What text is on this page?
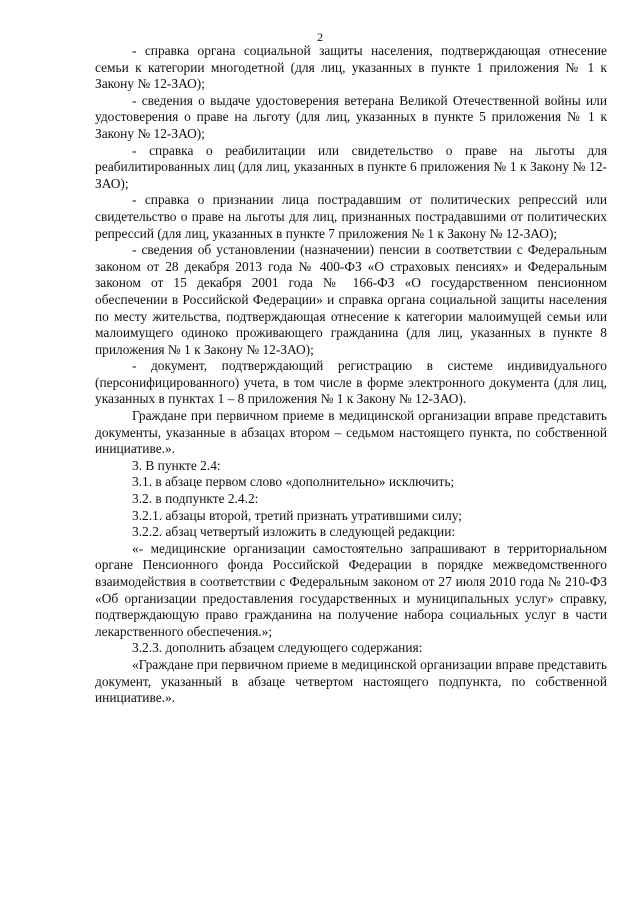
2

- справка органа социальной защиты населения, подтверждающая отнесение семьи к категории многодетной (для лиц, указанных в пункте 1 приложения № 1 к Закону № 12-ЗАО);

- сведения о выдаче удостоверения ветерана Великой Отечественной войны или удостоверения о праве на льготу (для лиц, указанных в пункте 5 приложения № 1 к Закону № 12-ЗАО);

- справка о реабилитации или свидетельство о праве на льготы для реабилитированных лиц (для лиц, указанных в пункте 6 приложения № 1 к Закону № 12-ЗАО);

- справка о признании лица пострадавшим от политических репрессий или свидетельство о праве на льготы для лиц, признанных пострадавшими от политических репрессий (для лиц, указанных в пункте 7 приложения № 1 к Закону № 12-ЗАО);

- сведения об установлении (назначении) пенсии в соответствии с Федеральным законом от 28 декабря 2013 года № 400-ФЗ «О страховых пенсиях» и Федеральным законом от 15 декабря 2001 года № 166-ФЗ «О государственном пенсионном обеспечении в Российской Федерации» и справка органа социальной защиты населения по месту жительства, подтверждающая отнесение к категории малоимущей семьи или малоимущего одиноко проживающего гражданина (для лиц, указанных в пункте 8 приложения № 1 к Закону № 12-ЗАО);

- документ, подтверждающий регистрацию в системе индивидуального (персонифицированного) учета, в том числе в форме электронного документа (для лиц, указанных в пунктах 1 – 8 приложения № 1 к Закону № 12-ЗАО).

Граждане при первичном приеме в медицинской организации вправе представить документы, указанные в абзацах втором – седьмом настоящего пункта, по собственной инициативе.».

3. В пункте 2.4:

3.1. в абзаце первом слово «дополнительно» исключить;

3.2. в подпункте 2.4.2:

3.2.1. абзацы второй, третий признать утратившими силу;

3.2.2. абзац четвертый изложить в следующей редакции:

«- медицинские организации самостоятельно запрашивают в территориальном органе Пенсионного фонда Российской Федерации в порядке межведомственного взаимодействия в соответствии с Федеральным законом от 27 июля 2010 года № 210-ФЗ «Об организации предоставления государственных и муниципальных услуг» справку, подтверждающую право гражданина на получение набора социальных услуг в части лекарственного обеспечения.»;

3.2.3. дополнить абзацем следующего содержания:

«Граждане при первичном приеме в медицинской организации вправе представить документ, указанный в абзаце четвертом настоящего подпункта, по собственной инициативе.».
